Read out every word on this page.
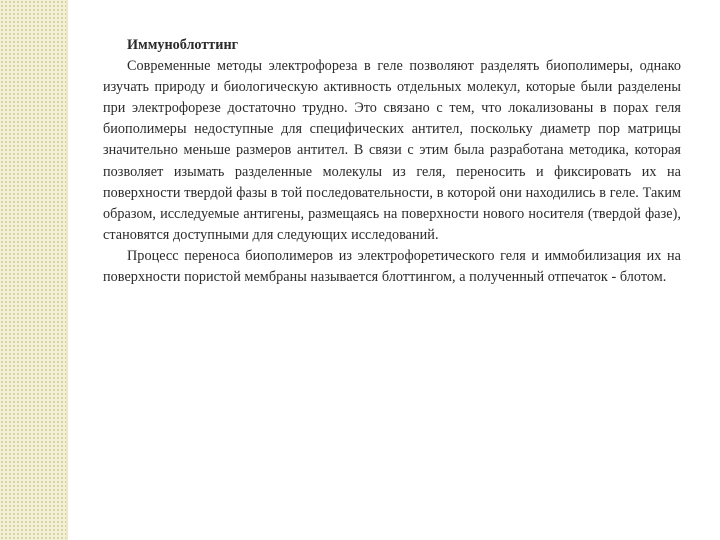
Иммуноблоттинг

Современные методы электрофореза в геле позволяют разделять биополимеры, однако изучать природу и биологическую активность отдельных молекул, которые были разделены при электрофорезе достаточно трудно. Это связано с тем, что локализованы в порах геля биополимеры недоступные для специфических антител, поскольку диаметр пор матрицы значительно меньше размеров антител. В связи с этим была разработана методика, которая позволяет изымать разделенные молекулы из геля, переносить и фиксировать их на поверхности твердой фазы в той последовательности, в которой они находились в геле. Таким образом, исследуемые антигены, размещаясь на поверхности нового носителя (твердой фазе), становятся доступными для следующих исследований.

Процесс переноса биополимеров из электрофоретического геля и иммобилизация их на поверхности пористой мембраны называется блоттингом, а полученный отпечаток - блотом.
